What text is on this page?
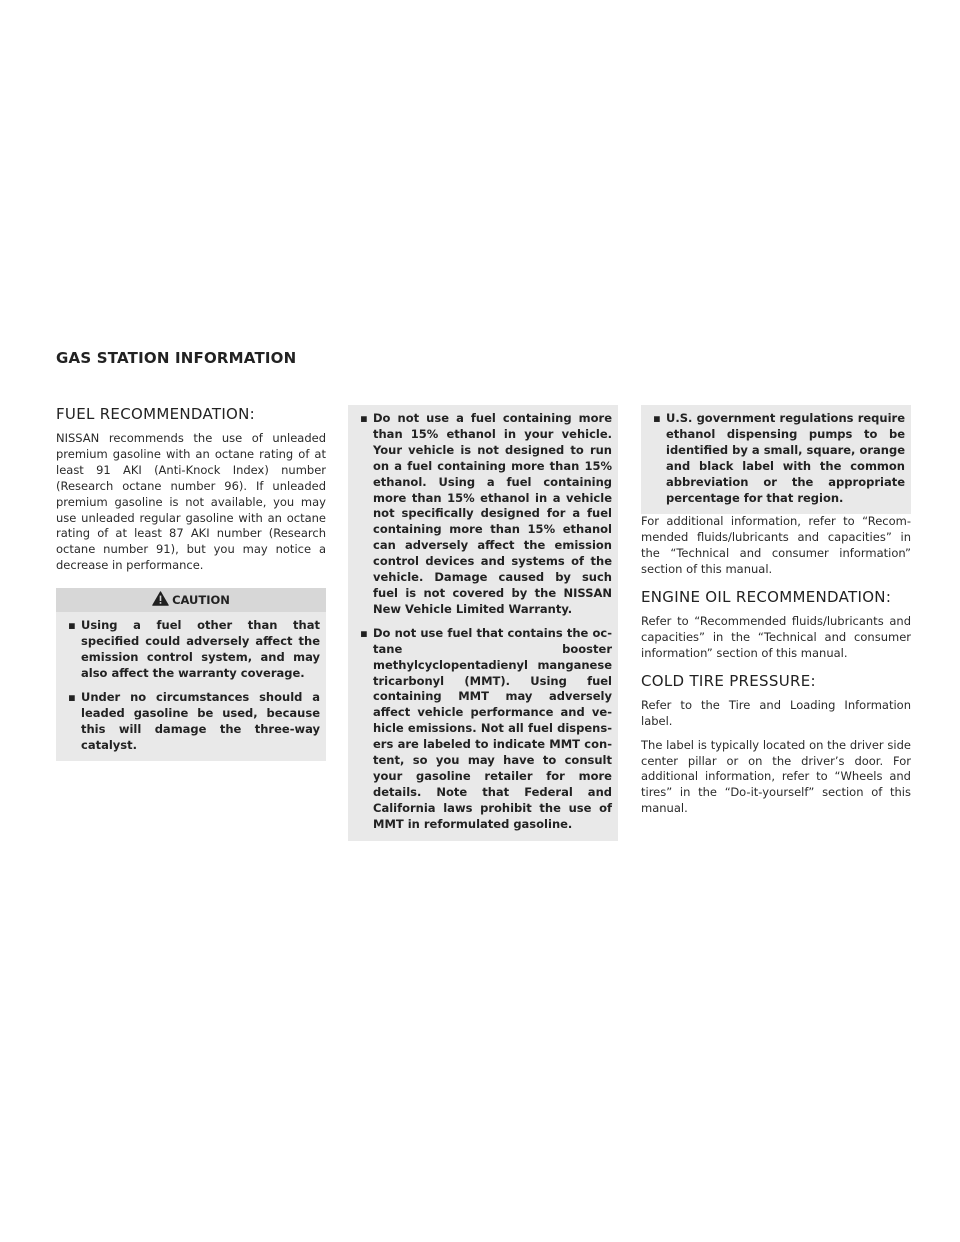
GAS STATION INFORMATION
FUEL RECOMMENDATION:

NISSAN recommends the use of unleaded premium gasoline with an octane rating of at least 91 AKI (Anti-Knock Index) number (Research octane number 96). If unleaded premium gasoline is not available, you may use unleaded regular gasoline with an octane rating of at least 87 AKI number (Research octane number 91), but you may notice a decrease in performance.

CAUTION
▪ Using a fuel other than that specified could adversely affect the emission control system, and may also affect the warranty coverage.
▪ Under no circumstances should a leaded gasoline be used, because this will damage the three-way catalyst.
▪ Do not use a fuel containing more than 15% ethanol in your vehicle. Your vehicle is not designed to run on a fuel containing more than 15% ethanol. Using a fuel containing more than 15% ethanol in a vehicle not specifically designed for a fuel containing more than 15% ethanol can adversely affect the emission control devices and systems of the vehicle. Damage caused by such fuel is not covered by the NISSAN New Vehicle Limited Warranty.
▪ Do not use fuel that contains the octane booster methylcyclopentadienyl manganese tricarbonyl (MMT). Using fuel containing MMT may adversely affect vehicle performance and vehicle emissions. Not all fuel dispensers are labeled to indicate MMT content, so you may have to consult your gasoline retailer for more details. Note that Federal and California laws prohibit the use of MMT in reformulated gasoline.
▪ U.S. government regulations require ethanol dispensing pumps to be identified by a small, square, orange and black label with the common abbreviation or the appropriate percentage for that region.

For additional information, refer to “Recommended fluids/lubricants and capacities” in the “Technical and consumer information” section of this manual.

ENGINE OIL RECOMMENDATION:

Refer to “Recommended fluids/lubricants and capacities” in the “Technical and consumer information” section of this manual.

COLD TIRE PRESSURE:

Refer to the Tire and Loading Information label.

The label is typically located on the driver side center pillar or on the driver’s door. For additional information, refer to “Wheels and tires” in the “Do-it-yourself” section of this manual.
